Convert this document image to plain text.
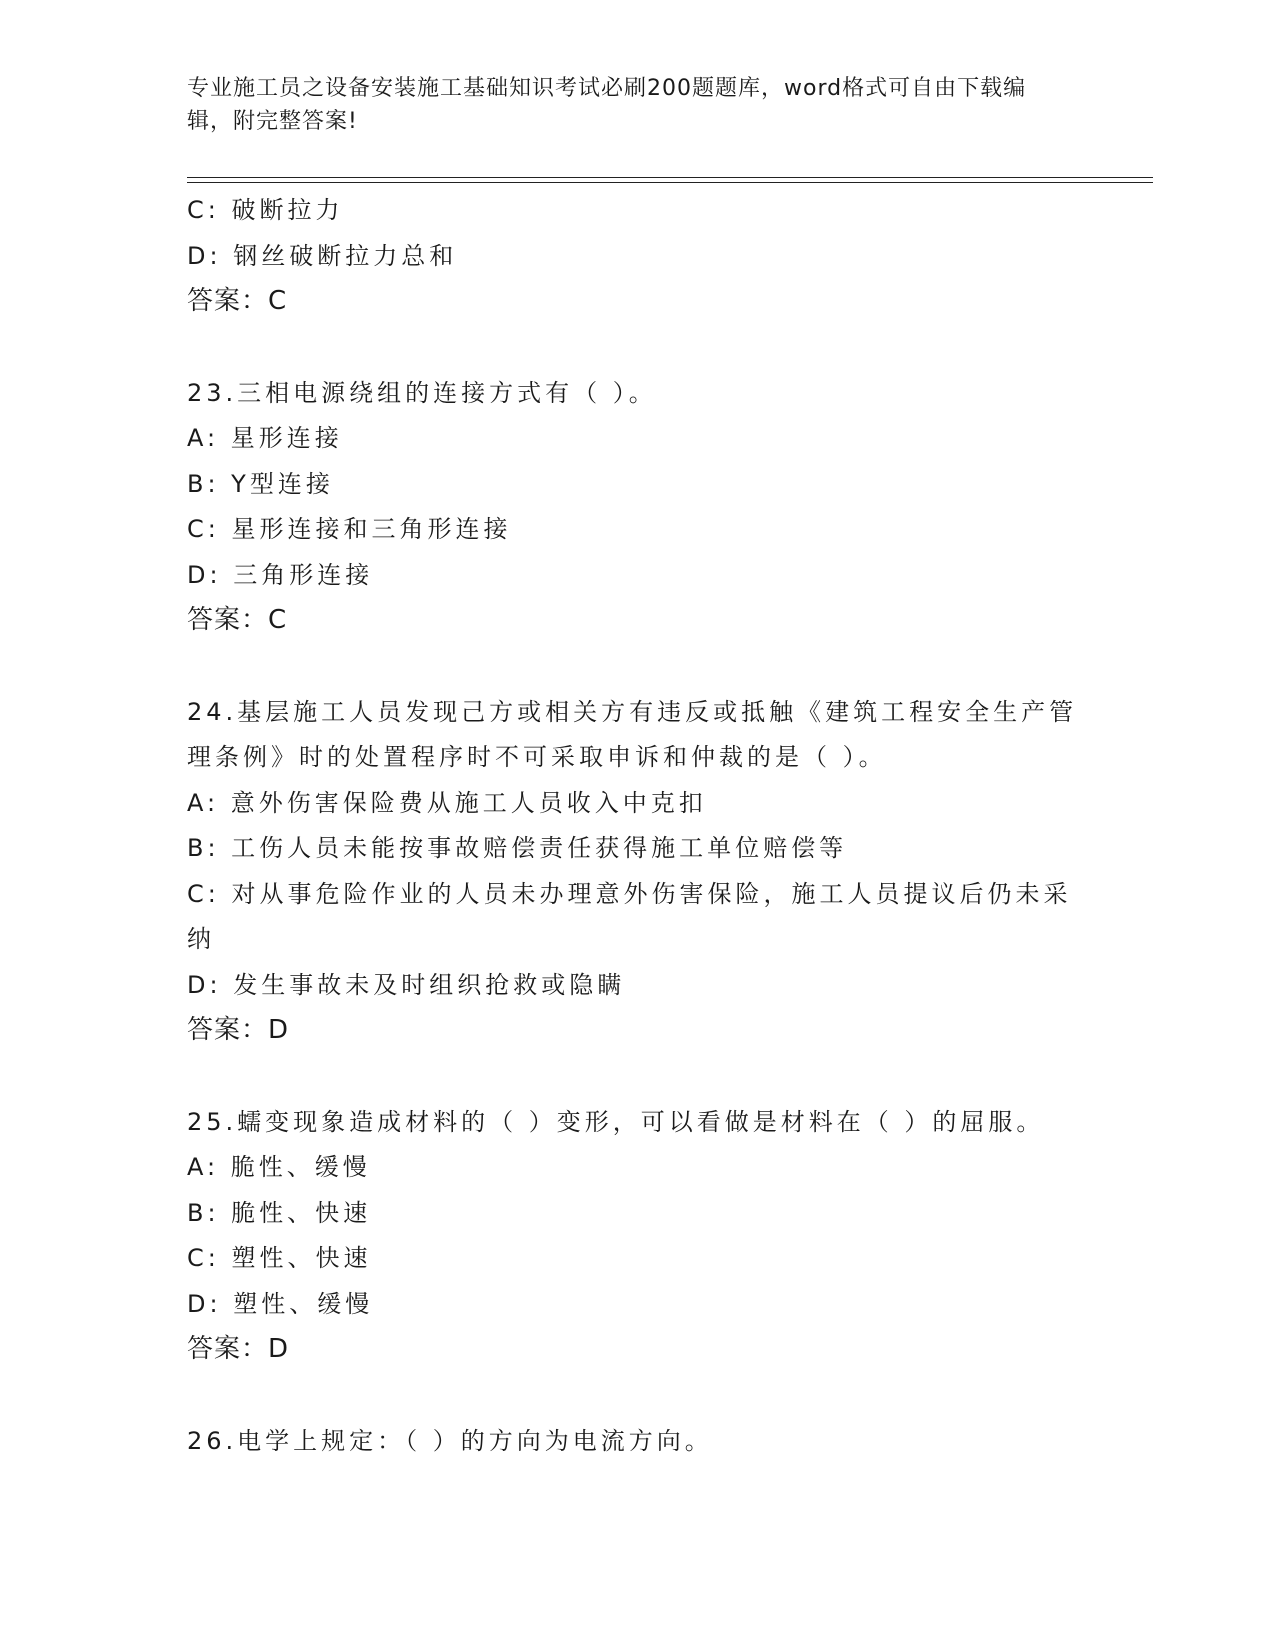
专业施工员之设备安装施工基础知识考试必刷200题题库，word格式可自由下载编辑，附完整答案!
C: 破断拉力
D: 钢丝破断拉力总和
答案：C
23.三相电源绕组的连接方式有（ ）。
A: 星形连接
B: Y型连接
C: 星形连接和三角形连接
D: 三角形连接
答案：C
24.基层施工人员发现己方或相关方有违反或抵触《建筑工程安全生产管理条例》时的处置程序时不可采取申诉和仲裁的是（ ）。
A: 意外伤害保险费从施工人员收入中克扣
B: 工伤人员未能按事故赔偿责任获得施工单位赔偿等
C: 对从事危险作业的人员未办理意外伤害保险，施工人员提议后仍未采纳
D: 发生事故未及时组织抢救或隐瞒
答案：D
25.蠕变现象造成材料的（ ）变形，可以看做是材料在（ ）的屈服。
A: 脆性、缓慢
B: 脆性、快速
C: 塑性、快速
D: 塑性、缓慢
答案：D
26.电学上规定：（ ）的方向为电流方向。
